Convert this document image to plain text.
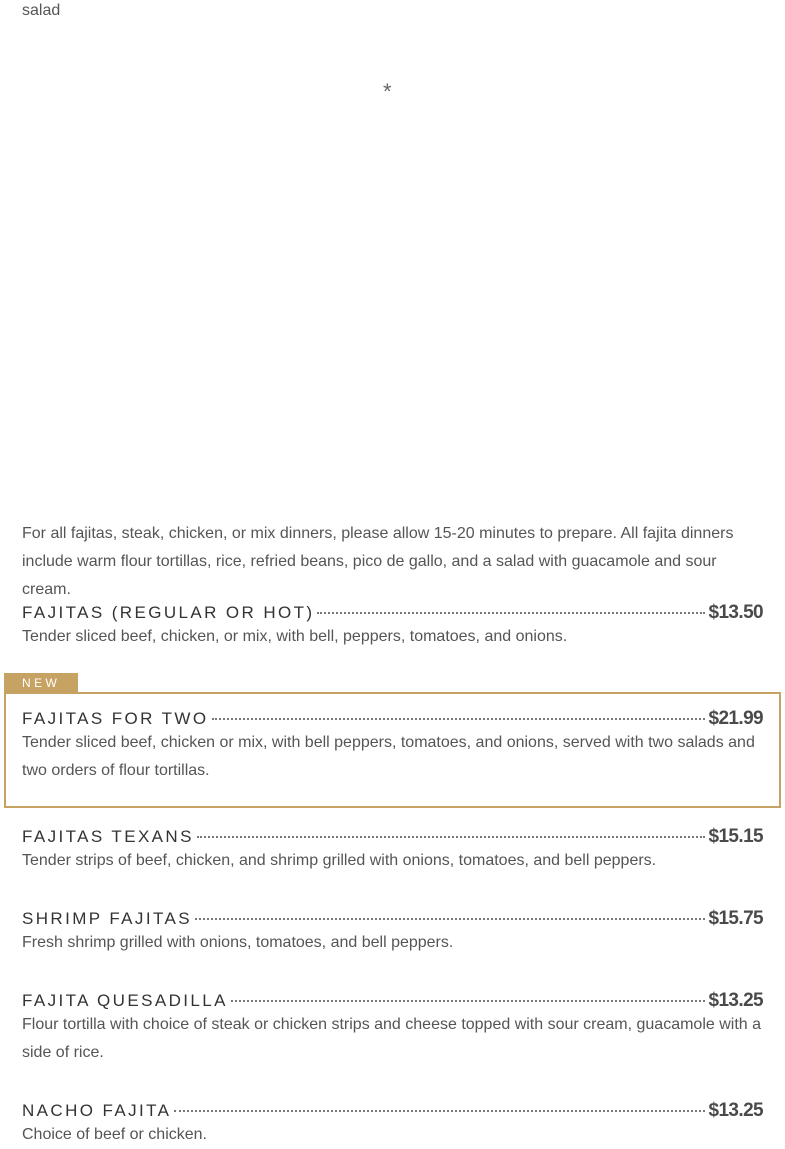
salad
*
For all fajitas, steak, chicken, or mix dinners, please allow 15-20 minutes to prepare. All fajita dinners include warm flour tortillas, rice, refried beans, pico de gallo, and a salad with guacamole and sour cream.
FAJITAS (REGULAR OR HOT)	$13.50
Tender sliced beef, chicken, or mix, with bell, peppers, tomatoes, and onions.
NEW
FAJITAS FOR TWO	$21.99
Tender sliced beef, chicken or mix, with bell peppers, tomatoes, and onions, served with two salads and two orders of flour tortillas.
FAJITAS TEXANS	$15.15
Tender strips of beef, chicken, and shrimp grilled with onions, tomatoes, and bell peppers.
SHRIMP FAJITAS	$15.75
Fresh shrimp grilled with onions, tomatoes, and bell peppers.
FAJITA QUESADILLA	$13.25
Flour tortilla with choice of steak or chicken strips and cheese topped with sour cream, guacamole with a side of rice.
NACHO FAJITA	$13.25
Choice of beef or chicken.
